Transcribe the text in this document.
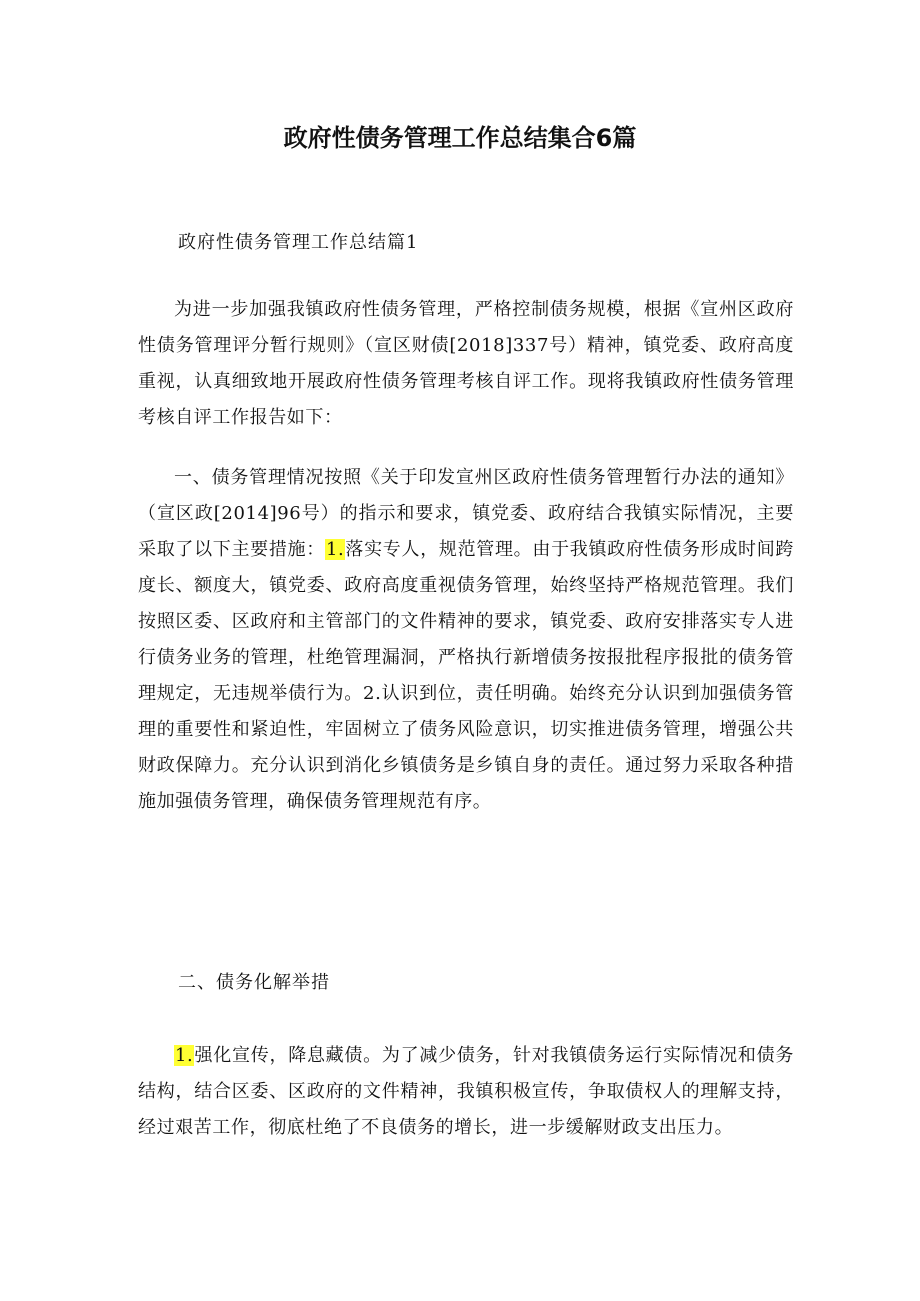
政府性债务管理工作总结集合6篇
政府性债务管理工作总结篇1

为进一步加强我镇政府性债务管理，严格控制债务规模，根据《宣州区政府性债务管理评分暂行规则》（宣区财债[2018]337号）精神，镇党委、政府高度重视，认真细致地开展政府性债务管理考核自评工作。现将我镇政府性债务管理考核自评工作报告如下：

一、债务管理情况按照《关于印发宣州区政府性债务管理暂行办法的通知》（宣区政[2014]96号）的指示和要求，镇党委、政府结合我镇实际情况，主要采取了以下主要措施：1.落实专人，规范管理。由于我镇政府性债务形成时间跨度长、额度大，镇党委、政府高度重视债务管理，始终坚持严格规范管理。我们按照区委、区政府和主管部门的文件精神的要求，镇党委、政府安排落实专人进行债务业务的管理，杜绝管理漏洞，严格执行新增债务按报批程序报批的债务管理规定，无违规举债行为。2.认识到位，责任明确。始终充分认识到加强债务管理的重要性和紧迫性，牢固树立了债务风险意识，切实推进债务管理，增强公共财政保障力。充分认识到消化乡镇债务是乡镇自身的责任。通过努力采取各种措施加强债务管理，确保债务管理规范有序。

二、债务化解举措

1.强化宣传，降息藏债。为了减少债务，针对我镇债务运行实际情况和债务结构，结合区委、区政府的文件精神，我镇积极宣传，争取债权人的理解支持，经过艰苦工作，彻底杜绝了不良债务的增长，进一步缓解财政支出压力。
